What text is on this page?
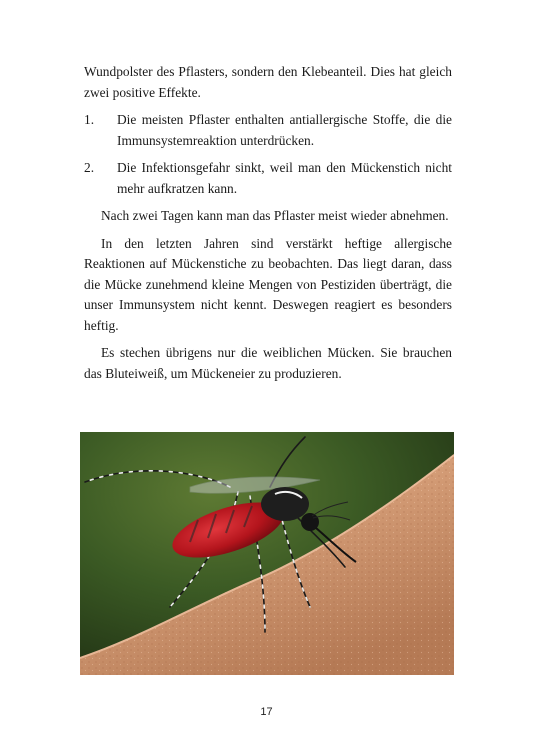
Wundpolster des Pflasters, sondern den Klebeanteil. Dies hat gleich zwei positive Effekte.

1.	Die meisten Pflaster enthalten antiallergische Stoffe, die die Immunsystemreaktion unterdrücken.
2.	Die Infektionsgefahr sinkt, weil man den Mückenstich nicht mehr aufkratzen kann.

Nach zwei Tagen kann man das Pflaster meist wieder abnehmen.

In den letzten Jahren sind verstärkt heftige allergische Reaktionen auf Mückenstiche zu beobachten. Das liegt daran, dass die Mücke zunehmend kleine Mengen von Pestiziden überträgt, die unser Immunsystem nicht kennt. Deswegen reagiert es besonders heftig.

Es stechen übrigens nur die weiblichen Mücken. Sie brauchen das Bluteiweiß, um Mückeneier zu produzieren.

17
